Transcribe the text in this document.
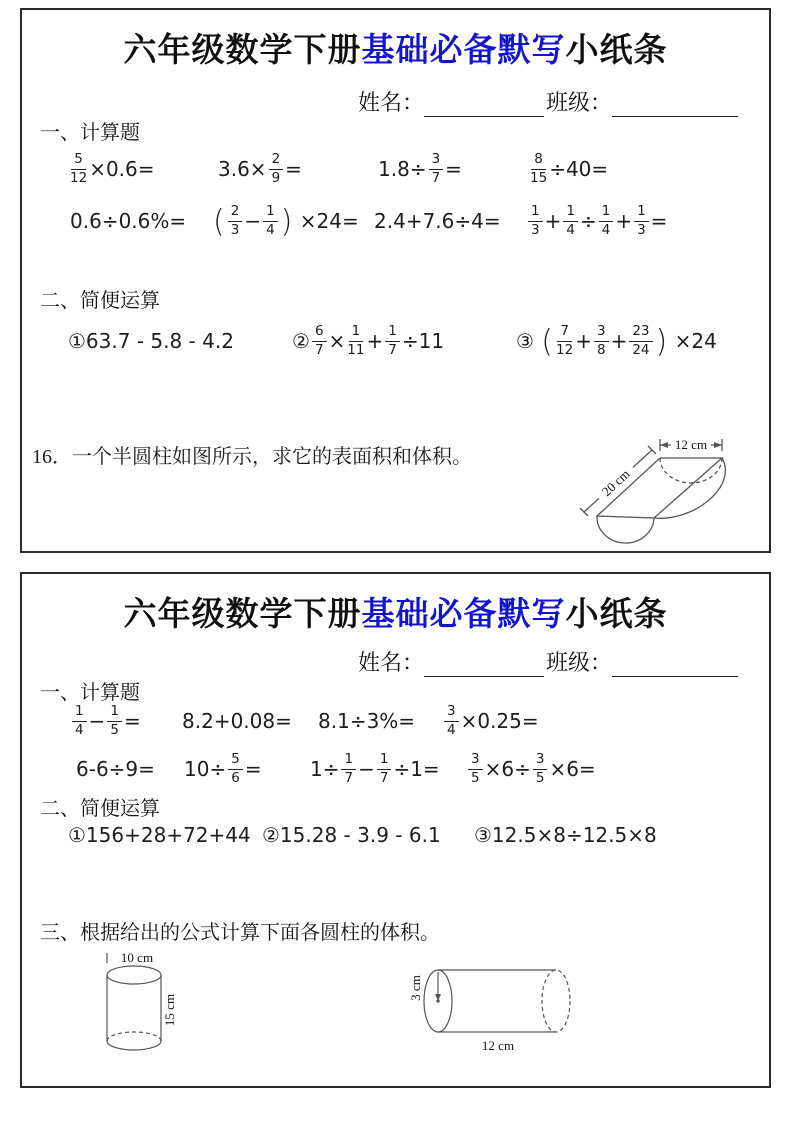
六年级数学下册基础必备默写小纸条
姓名：	班级：
一、计算题
$\frac{5}{12} \times 0.6=$	$3.6\times \frac{2}{9}$ =	$1.8\div \frac{3}{7}$ =	$\frac{8}{15} \div 40=$
0.6÷0.6%= ( $\frac{2}{3} - \frac{1}{4}$ ) $\times 24= 2.4+7.6\div 4= \frac{1}{3} + \frac{1}{4} \div \frac{1}{4} + \frac{1}{3}$ =
二、简便运算
①63.7 - 5.8 - 4.2	② $\frac{6}{7} \times \frac{1}{11} + \frac{1}{7} \div 11$	③ ( $\frac{7}{12} + \frac{3}{8} + \frac{23}{24}$ ) ×24
16．一个半圆柱如图所示，求它的表面积和体积。
12 cm
20 cm
六年级数学下册基础必备默写小纸条
姓名：	班级：
一、计算题
$\frac{1}{4} - \frac{1}{5} = 8.2+0.08= 8.1\div 3\%= \frac{3}{4} \times 0.25=$
$6-6\div 9= 10\div \frac{5}{6} = 1\div \frac{1}{7} - \frac{1}{7} \div 1= \frac{3}{5} \times 6\div \frac{3}{5} \times 6=$
二、简便运算
①156+28+72+44 ②15.28 - 3.9 - 6.1 ③12.5×8÷12.5×8
三、根据给出的公式计算下面各圆柱的体积。
10 cm
15 cm
3 cm
12 cm
